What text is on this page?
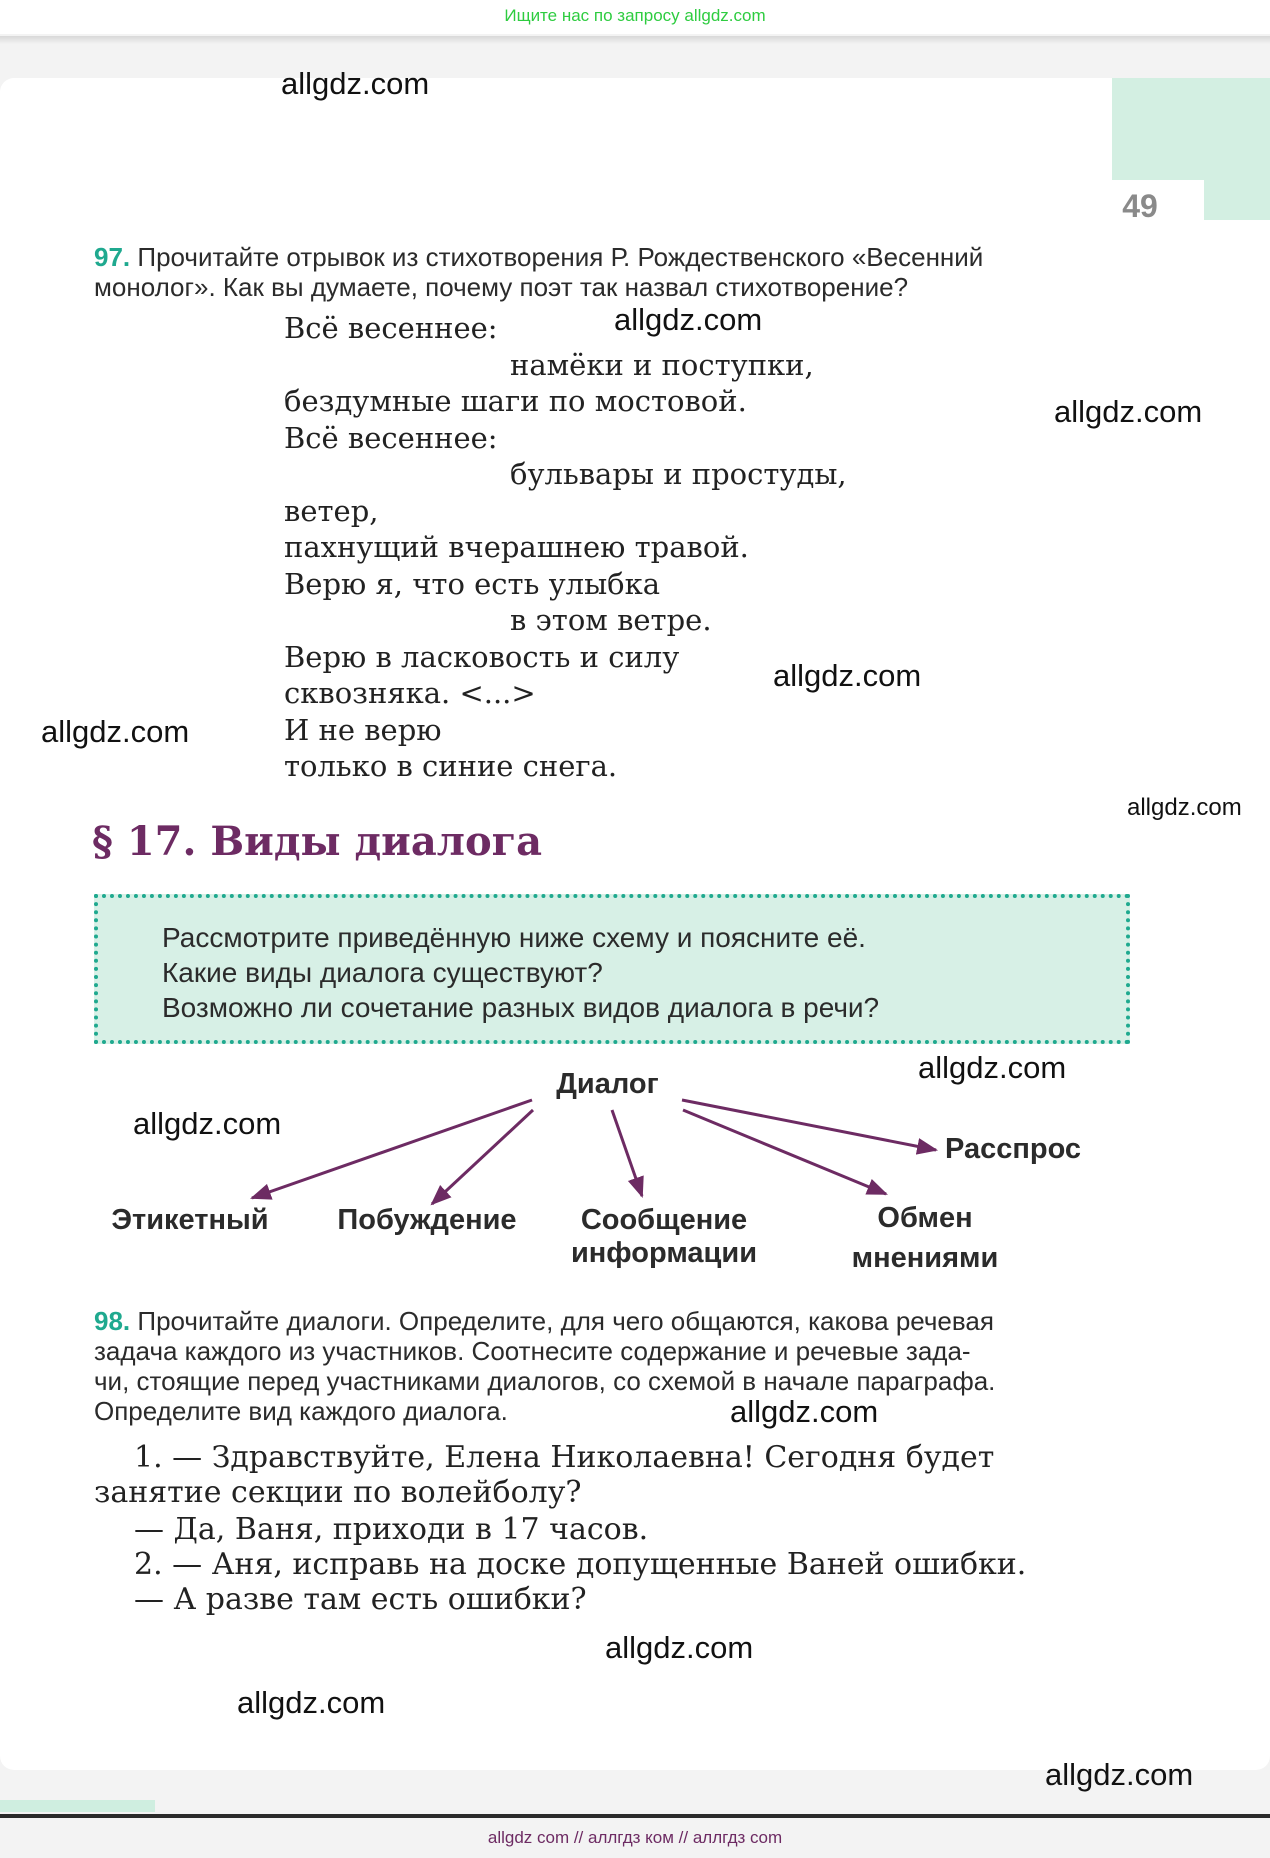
Ищите нас по запросу allgdz.com
49
97. Прочитайте отрывок из стихотворения Р. Рождественского «Весенний
монолог». Как вы думаете, почему поэт так назвал стихотворение?
Всё весеннее:
намёки и поступки,
бездумные шаги по мостовой.
Всё весеннее:
бульвары и простуды,
ветер,
пахнущий вчерашнею травой.
Верю я, что есть улыбка
в этом ветре.
Верю в ласковость и силу
сквозняка. <...>
И не верю
только в синие снега.
§ 17. Виды диалога
Рассмотрите приведённую ниже схему и поясните её.
Какие виды диалога существуют?
Возможно ли сочетание разных видов диалога в речи?
Диалог
Расспрос
Этикетный	Побуждение	Сообщение
информации
Обмен
мнениями
98. Прочитайте диалоги. Определите, для чего общаются, какова речевая
задача каждого из участников. Соотнесите содержание и речевые зада-
чи, стоящие перед участниками диалогов, со схемой в начале параграфа.
Определите вид каждого диалога.
1. — Здравствуйте, Елена Николаевна! Сегодня будет
занятие секции по волейболу?
— Да, Ваня, приходи в 17 часов.
2. — Аня, исправь на доске допущенные Ваней ошибки.
— А разве там есть ошибки?
allgdz.com
allgdz.com
allgdz.com
allgdz.com
allgdz.com
allgdz.com
allgdz.com
allgdz.com
allgdz.com
allgdz.com
allgdz.com
allgdz.com
allgdz com // аллгдз ком // аллгдз com
